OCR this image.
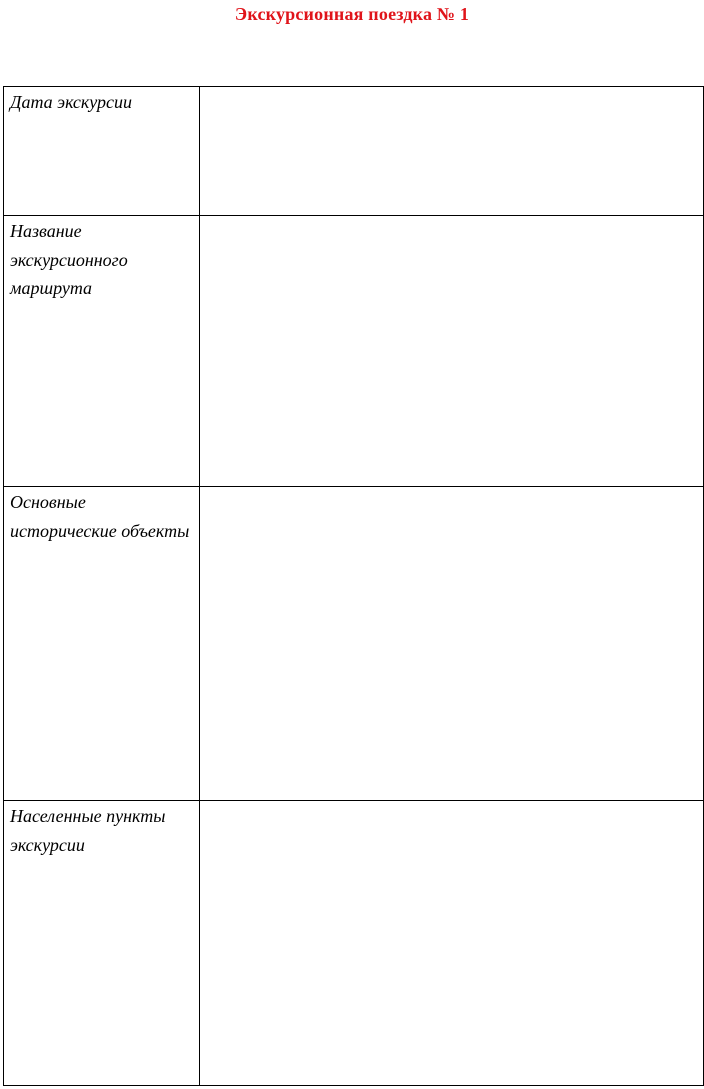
Экскурсионная поездка № 1
Дата экскурсии	

Название экскурсионного маршрута	

Основные исторические объекты	

Населенные пункты экскурсии	
